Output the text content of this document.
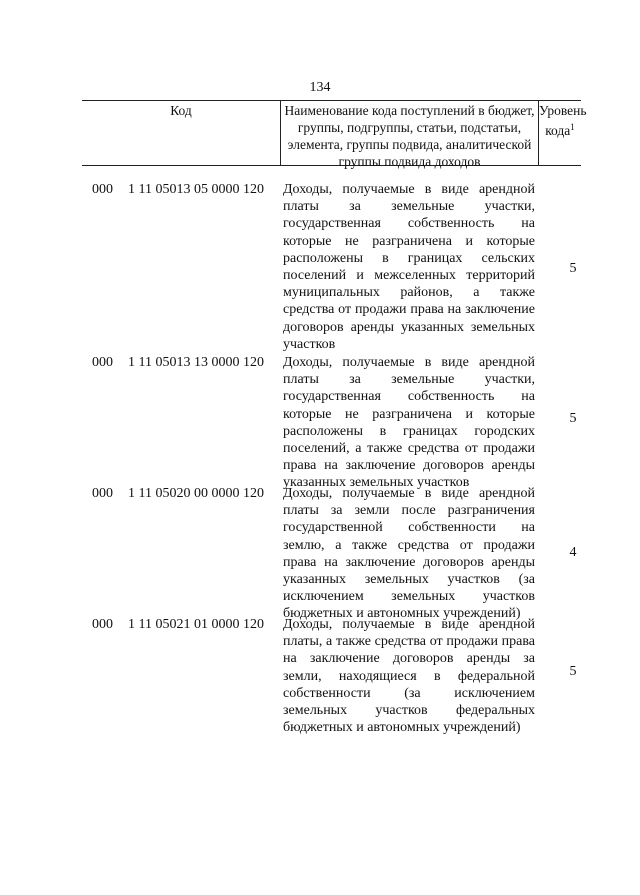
134
Код	Наименование кода поступлений в бюджет, группы, подгруппы, статьи, подстатьи, элемента, группы подвида, аналитической группы подвида доходов
Уровень
кода$^1$
000 1 11 05013 05 0000 120 Доходы, получаемые в виде арендной платы за земельные участки, государственная собственность на которые не разграничена и которые расположены в границах сельских поселений и межселенных территорий муниципальных районов, а также средства от продажи права на заключение договоров аренды указанных земельных участков
5
000 1 11 05013 13 0000 120 Доходы, получаемые в виде арендной платы за земельные участки, государственная собственность на которые не разграничена и которые расположены в границах городских поселений, а также средства от продажи права на заключение договоров аренды указанных земельных участков
5
000 1 11 05020 00 0000 120 Доходы, получаемые в виде арендной платы за земли после разграничения государственной собственности на землю, а также средства от продажи права на заключение договоров аренды указанных земельных участков (за исключением земельных участков бюджетных и автономных учреждений)
4
000 1 11 05021 01 0000 120 Доходы, получаемые в виде арендной платы, а также средства от продажи права на заключение договоров аренды за земли, находящиеся в федеральной собственности (за исключением земельных участков федеральных бюджетных и автономных учреждений)
5
